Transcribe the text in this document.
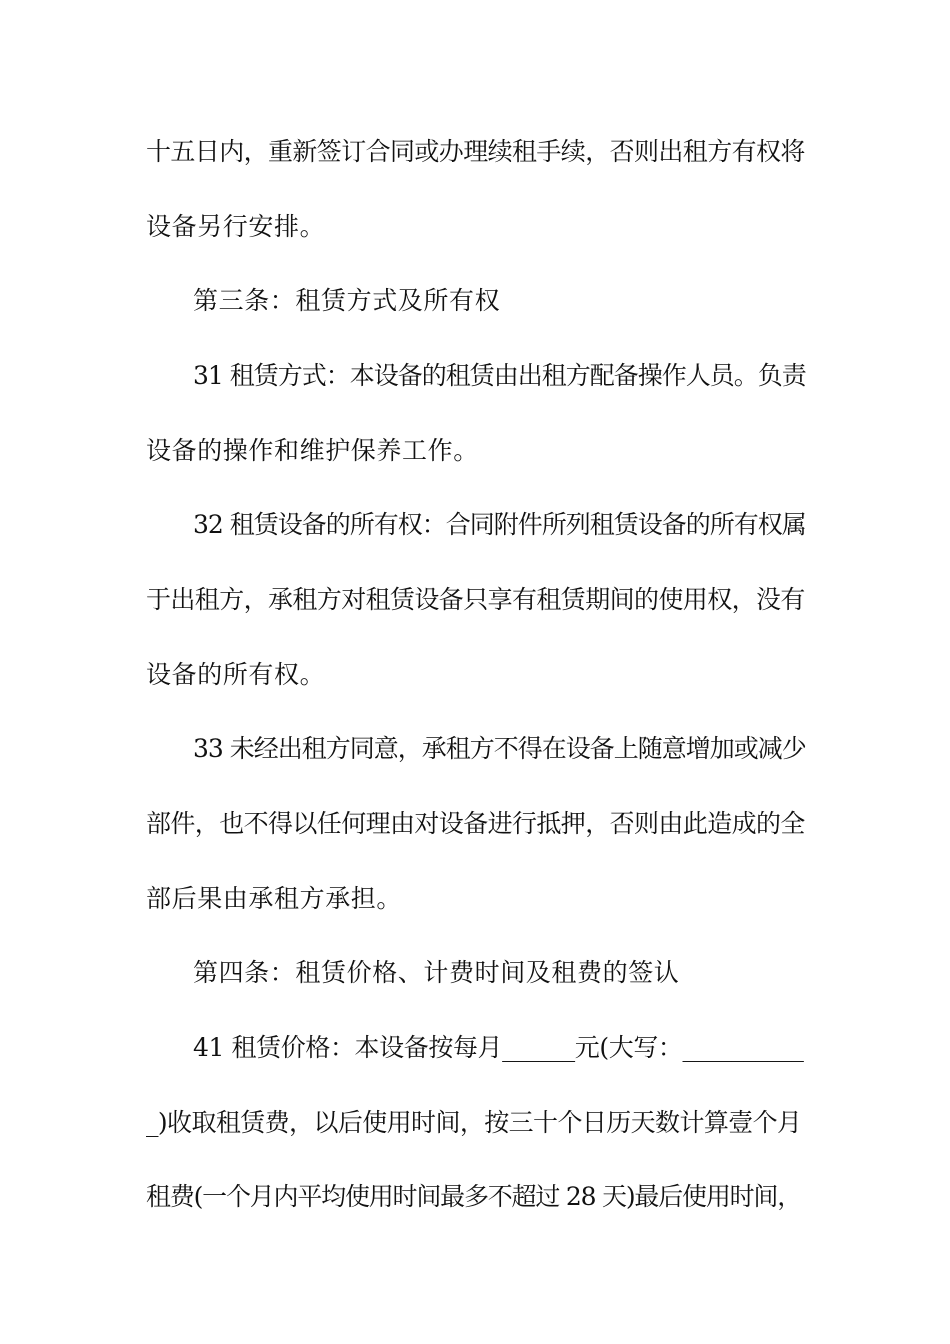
十五日内，重新签订合同或办理续租手续，否则出租方有权将

设备另行安排。

第三条：租赁方式及所有权

31 租赁方式：本设备的租赁由出租方配备操作人员。负责

设备的操作和维护保养工作。

32 租赁设备的所有权：合同附件所列租赁设备的所有权属

于出租方，承租方对租赁设备只享有租赁期间的使用权，没有

设备的所有权。

33 未经出租方同意，承租方不得在设备上随意增加或减少

部件，也不得以任何理由对设备进行抵押，否则由此造成的全

部后果由承租方承担。

第四条：租赁价格、计费时间及租费的签认

41 租赁价格：本设备按每月______元(大写：__________

_)收取租赁费，以后使用时间，按三十个日历天数计算壹个月

租费(一个月内平均使用时间最多不超过 28 天)最后使用时间，
